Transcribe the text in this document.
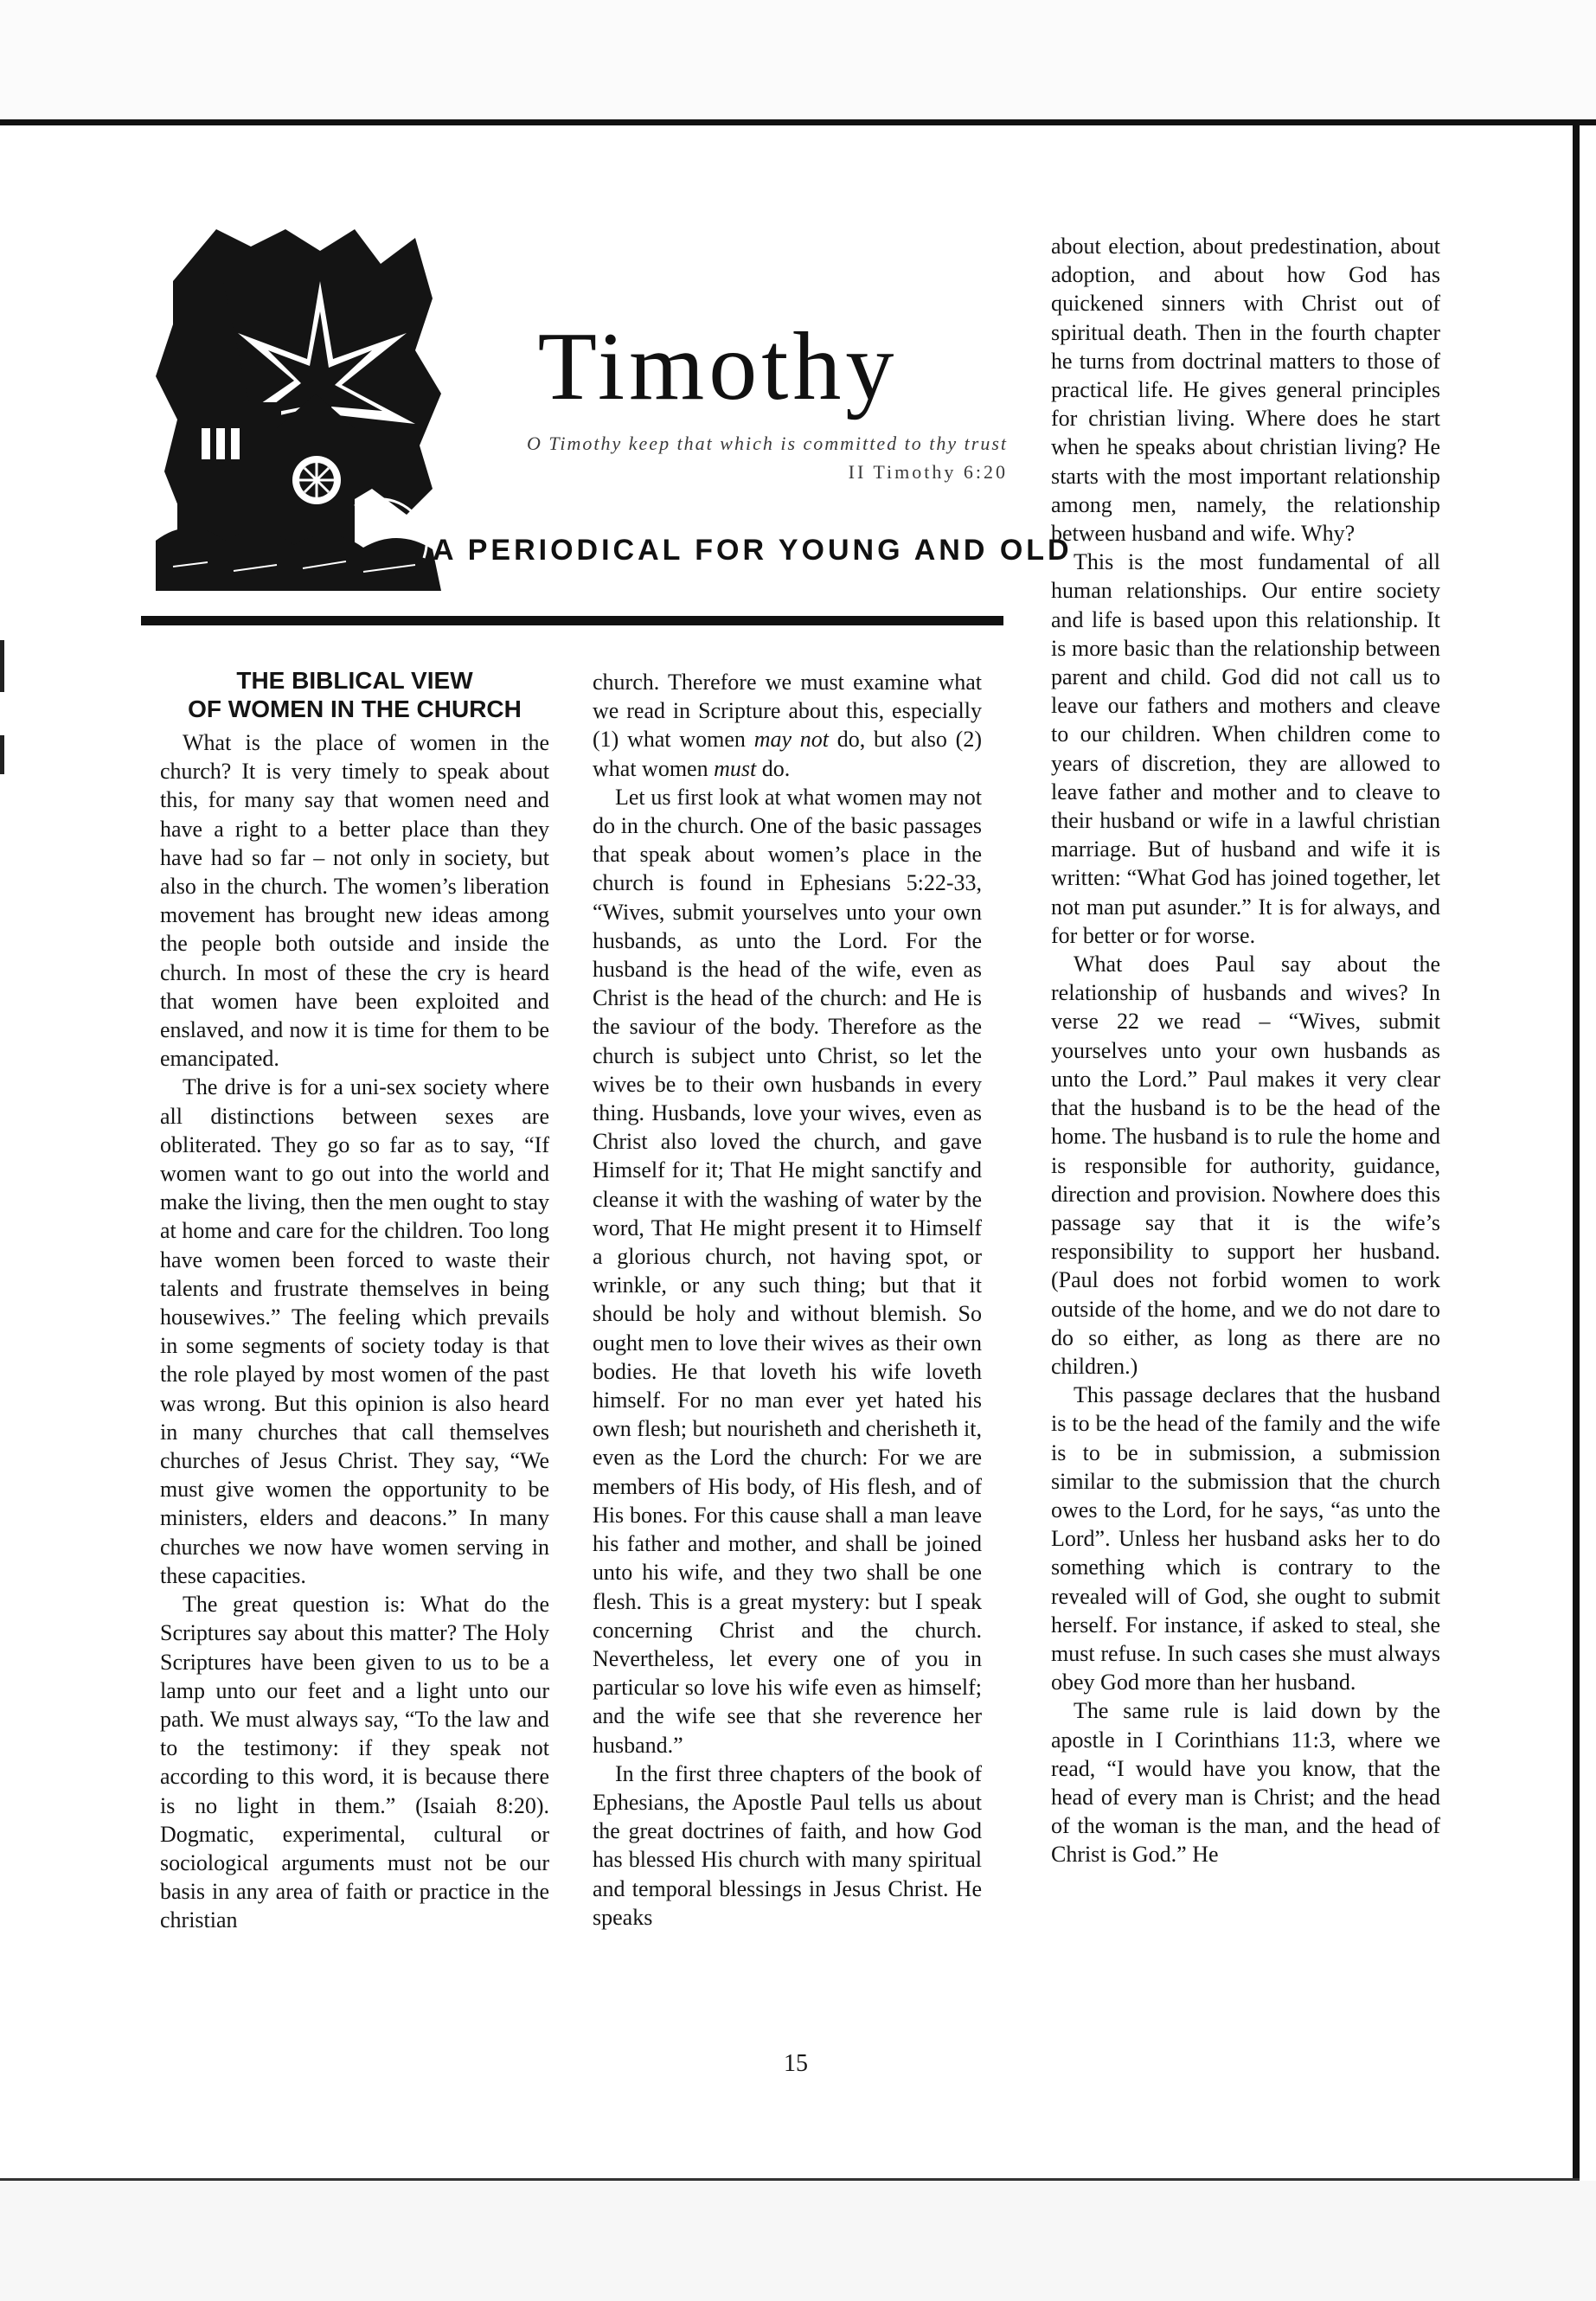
Timothy
O Timothy keep that which is committed to thy trust
II Timothy 6:20
A PERIODICAL FOR YOUNG AND OLD
THE BIBLICAL VIEW
OF WOMEN IN THE CHURCH

What is the place of women in the church? It is very timely to speak about this, for many say that women need and have a right to a better place than they have had so far – not only in society, but also in the church. The women’s liberation movement has brought new ideas among the people both outside and inside the church. In most of these the cry is heard that women have been exploited and enslaved, and now it is time for them to be emancipated.

The drive is for a uni-sex society where all distinctions between sexes are obliterated. They go so far as to say, “If women want to go out into the world and make the living, then the men ought to stay at home and care for the children. Too long have women been forced to waste their talents and frustrate themselves in being housewives.” The feeling which prevails in some segments of society today is that the role played by most women of the past was wrong. But this opinion is also heard in many churches that call themselves churches of Jesus Christ. They say, “We must give women the opportunity to be ministers, elders and deacons.” In many churches we now have women serving in these capacities.

The great question is: What do the Scriptures say about this matter? The Holy Scriptures have been given to us to be a lamp unto our feet and a light unto our path. We must always say, “To the law and to the testimony: if they speak not according to this word, it is because there is no light in them.” (Isaiah 8:20). Dogmatic, experimental, cultural or sociological arguments must not be our basis in any area of faith or practice in the christian

church. Therefore we must examine what we read in Scripture about this, especially (1) what women may not do, but also (2) what women must do.

Let us first look at what women may not do in the church. One of the basic passages that speak about women’s place in the church is found in Ephesians 5:22-33, “Wives, submit yourselves unto your own husbands, as unto the Lord. For the husband is the head of the wife, even as Christ is the head of the church: and He is the saviour of the body. Therefore as the church is subject unto Christ, so let the wives be to their own husbands in every thing. Husbands, love your wives, even as Christ also loved the church, and gave Himself for it; That He might sanctify and cleanse it with the washing of water by the word, That He might present it to Himself a glorious church, not having spot, or wrinkle, or any such thing; but that it should be holy and without blemish. So ought men to love their wives as their own bodies. He that loveth his wife loveth himself. For no man ever yet hated his own flesh; but nourisheth and cherisheth it, even as the Lord the church: For we are members of His body, of His flesh, and of His bones. For this cause shall a man leave his father and mother, and shall be joined unto his wife, and they two shall be one flesh. This is a great mystery: but I speak concerning Christ and the church. Nevertheless, let every one of you in particular so love his wife even as himself; and the wife see that she reverence her husband.”

In the first three chapters of the book of Ephesians, the Apostle Paul tells us about the great doctrines of faith, and how God has blessed His church with many spiritual and temporal blessings in Jesus Christ. He speaks

about election, about predestination, about adoption, and about how God has quickened sinners with Christ out of spiritual death. Then in the fourth chapter he turns from doctrinal matters to those of practical life. He gives general principles for christian living. Where does he start when he speaks about christian living? He starts with the most important relationship among men, namely, the relationship between husband and wife. Why?

This is the most fundamental of all human relationships. Our entire society and life is based upon this relationship. It is more basic than the relationship between parent and child. God did not call us to leave our fathers and mothers and cleave to our children. When children come to years of discretion, they are allowed to leave father and mother and to cleave to their husband or wife in a lawful christian marriage. But of husband and wife it is written: “What God has joined together, let not man put asunder.” It is for always, and for better or for worse.

What does Paul say about the relationship of husbands and wives? In verse 22 we read – “Wives, submit yourselves unto your own husbands as unto the Lord.” Paul makes it very clear that the husband is to be the head of the home. The husband is to rule the home and is responsible for authority, guidance, direction and provision. Nowhere does this passage say that it is the wife’s responsibility to support her husband. (Paul does not forbid women to work outside of the home, and we do not dare to do so either, as long as there are no children.)

This passage declares that the husband is to be the head of the family and the wife is to be in submission, a submission similar to the submission that the church owes to the Lord, for he says, “as unto the Lord”. Unless her husband asks her to do something which is contrary to the revealed will of God, she ought to submit herself. For instance, if asked to steal, she must refuse. In such cases she must always obey God more than her husband.

The same rule is laid down by the apostle in I Corinthians 11:3, where we read, “I would have you know, that the head of every man is Christ; and the head of the woman is the man, and the head of Christ is God.” He

15
